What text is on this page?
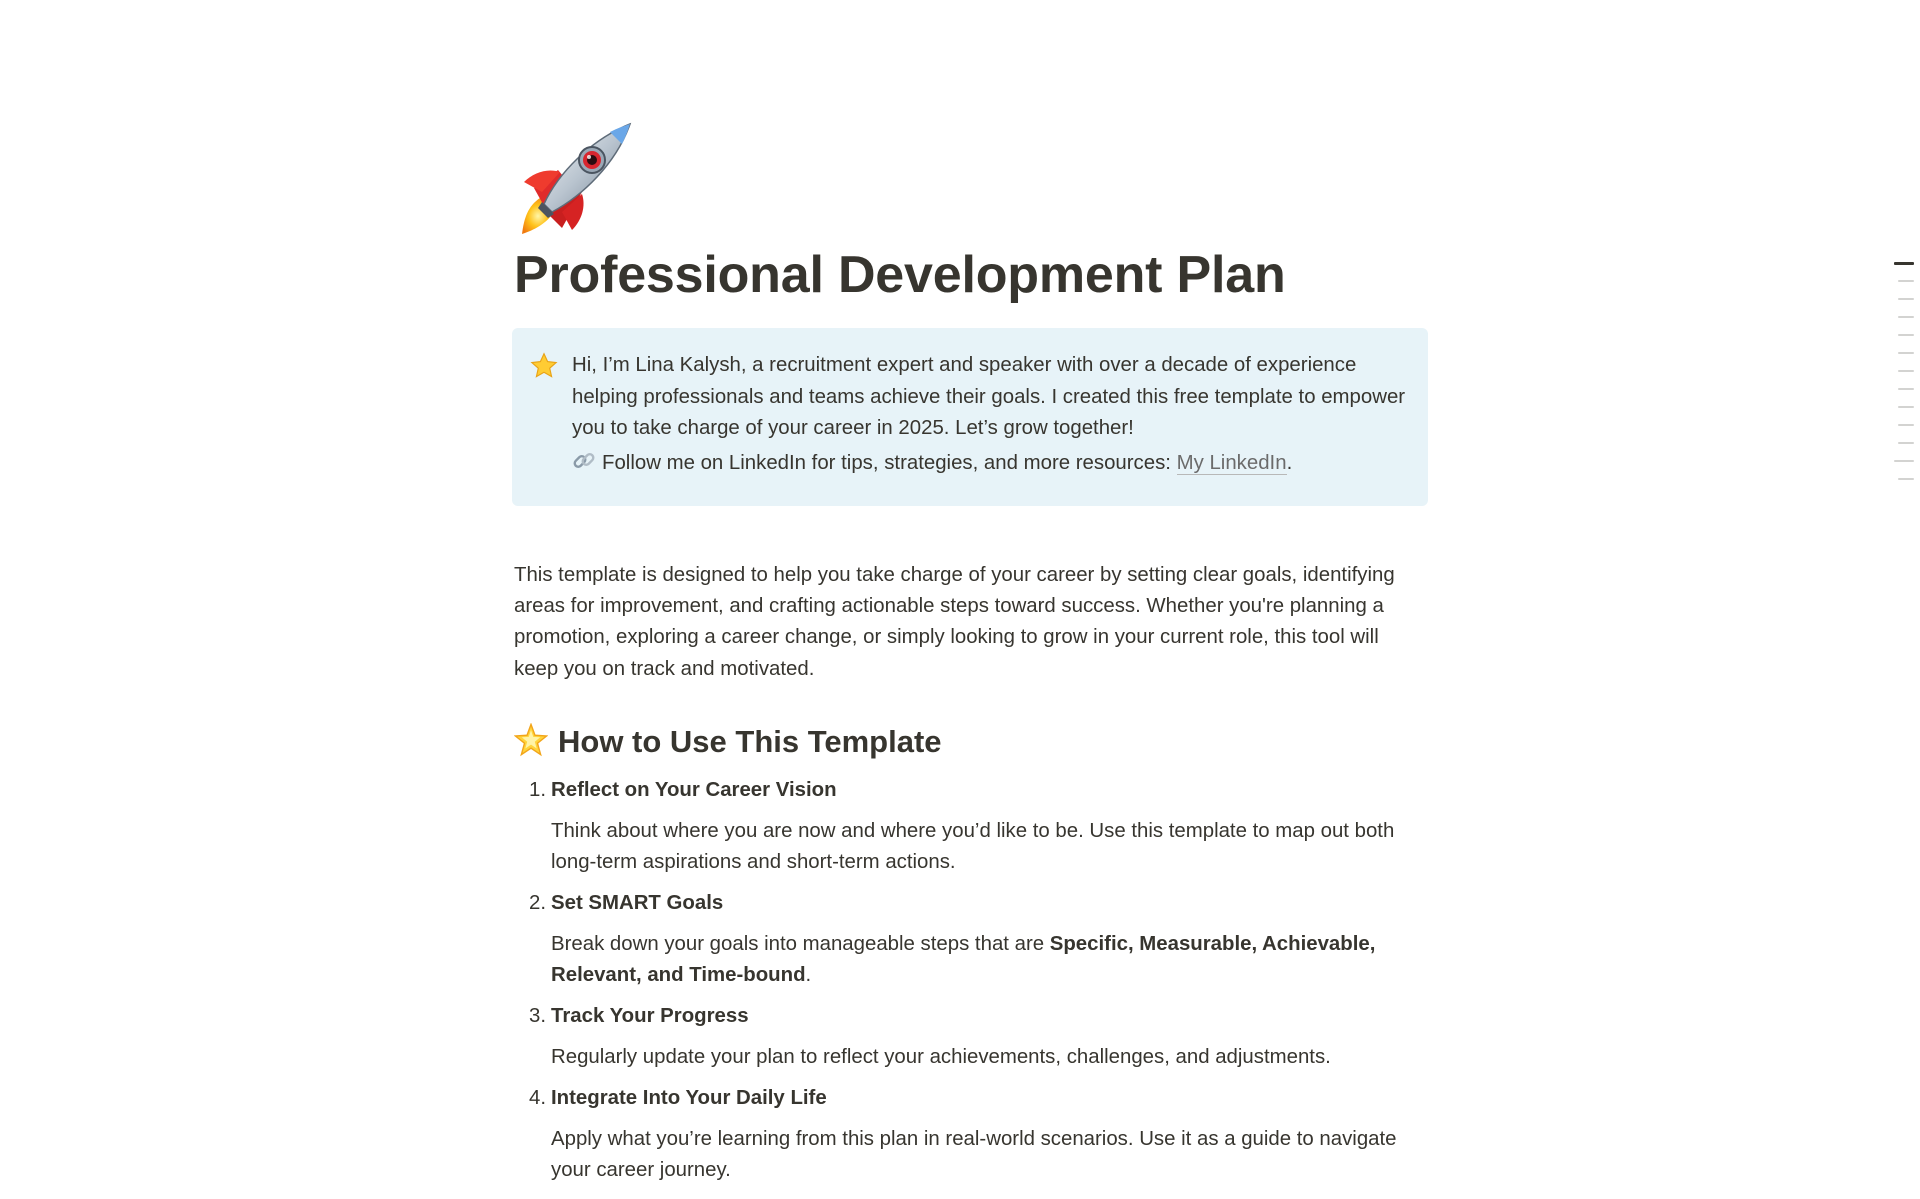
Professional Development Plan
Hi, I’m Lina Kalysh, a recruitment expert and speaker with over a decade of experience helping professionals and teams achieve their goals. I created this free template to empower you to take charge of your career in 2025. Let’s grow together!
Follow me on LinkedIn for tips, strategies, and more resources: My LinkedIn.

This template is designed to help you take charge of your career by setting clear goals, identifying areas for improvement, and crafting actionable steps toward success. Whether you're planning a promotion, exploring a career change, or simply looking to grow in your current role, this tool will keep you on track and motivated.

How to Use This Template
1. Reflect on Your Career Vision
Think about where you are now and where you’d like to be. Use this template to map out both long-term aspirations and short-term actions.
2. Set SMART Goals
Break down your goals into manageable steps that are Specific, Measurable, Achievable, Relevant, and Time-bound.
3. Track Your Progress
Regularly update your plan to reflect your achievements, challenges, and adjustments.
4. Integrate Into Your Daily Life
Apply what you’re learning from this plan in real-world scenarios. Use it as a guide to navigate your career journey.
